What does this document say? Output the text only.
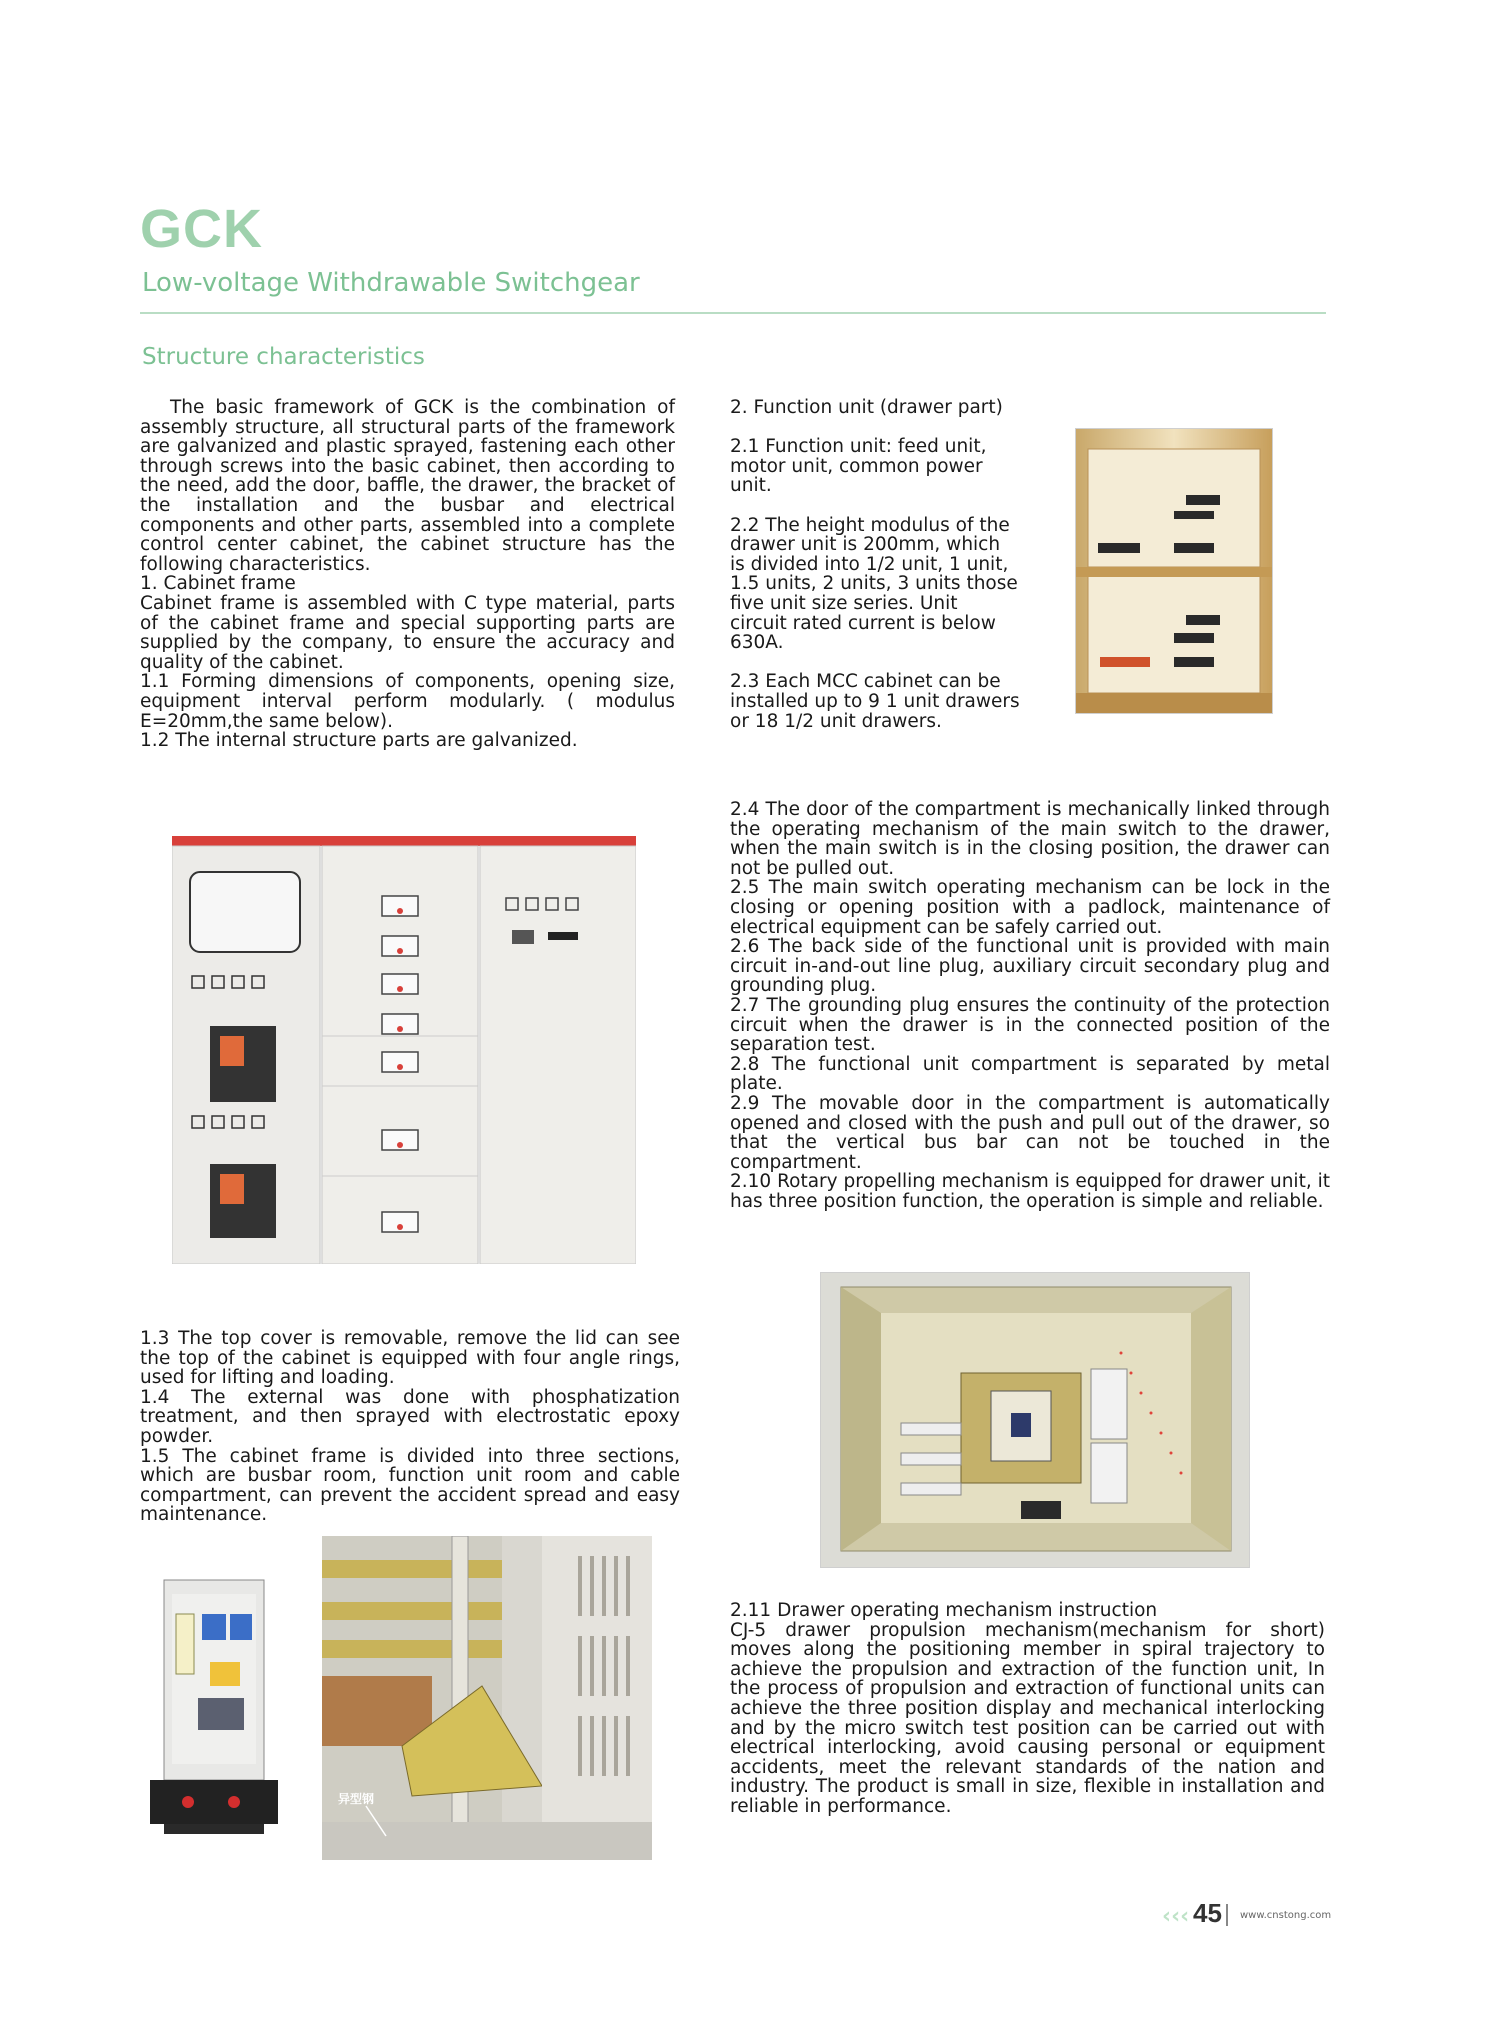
GCK
Low-voltage Withdrawable Switchgear
Structure characteristics

The basic framework of GCK is the combination of assembly structure, all structural parts of the framework are galvanized and plastic sprayed, fastening each other through screws into the basic cabinet, then according to the need, add the door, baffle, the drawer, the bracket of the installation and the busbar and electrical components and other parts, assembled into a complete control center cabinet, the cabinet structure has the following characteristics.

1. Cabinet frame

Cabinet frame is assembled with C type material, parts of the cabinet frame and special supporting parts are supplied by the company, to ensure the accuracy and quality of the cabinet.

1.1 Forming dimensions of components, opening size, equipment interval perform modularly. ( modulus E=20mm,the same below).

1.2 The internal structure parts are galvanized.

2. Function unit (drawer part)

2.1 Function unit: feed unit, motor unit, common power unit.

2.2 The height modulus of the drawer unit is 200mm, which is divided into 1/2 unit, 1 unit, 1.5 units, 2 units, 3 units those five unit size series. Unit circuit rated current is below 630A.

2.3 Each MCC cabinet can be installed up to 9 1 unit drawers or 18 1/2 unit drawers.

2.4 The door of the compartment is mechanically linked through the operating mechanism of the main switch to the drawer, when the main switch is in the closing position, the drawer can not be pulled out.

2.5 The main switch operating mechanism can be lock in the closing or opening position with a padlock, maintenance of electrical equipment can be safely carried out.

2.6 The back side of the functional unit is provided with main circuit in-and-out line plug, auxiliary circuit secondary plug and grounding plug.

2.7 The grounding plug ensures the continuity of the protection circuit when the drawer is in the connected position of the separation test.

2.8 The functional unit compartment is separated by metal plate.

2.9 The movable door in the compartment is automatically opened and closed with the push and pull out of the drawer, so that the vertical bus bar can not be touched in the compartment.

2.10 Rotary propelling mechanism is equipped for drawer unit, it has three position function, the operation is simple and reliable.

1.3 The top cover is removable, remove the lid can see the top of the cabinet is equipped with four angle rings, used for lifting and loading.

1.4 The external was done with phosphatization treatment, and then sprayed with electrostatic epoxy powder.

1.5 The cabinet frame is divided into three sections, which are busbar room, function unit room and cable compartment, can prevent the accident spread and easy maintenance.

异型钢

2.11 Drawer operating mechanism instruction

CJ-5 drawer propulsion mechanism(mechanism for short) moves along the positioning member in spiral trajectory to achieve the propulsion and extraction of the function unit, In the process of propulsion and extraction of functional units can achieve the three position display and mechanical interlocking and by the micro switch test position can be carried out with electrical interlocking, avoid causing personal or equipment accidents, meet the relevant standards of the nation and industry. The product is small in size, flexible in installation and reliable in performance.

‹‹‹ 45 www.cnstong.com
